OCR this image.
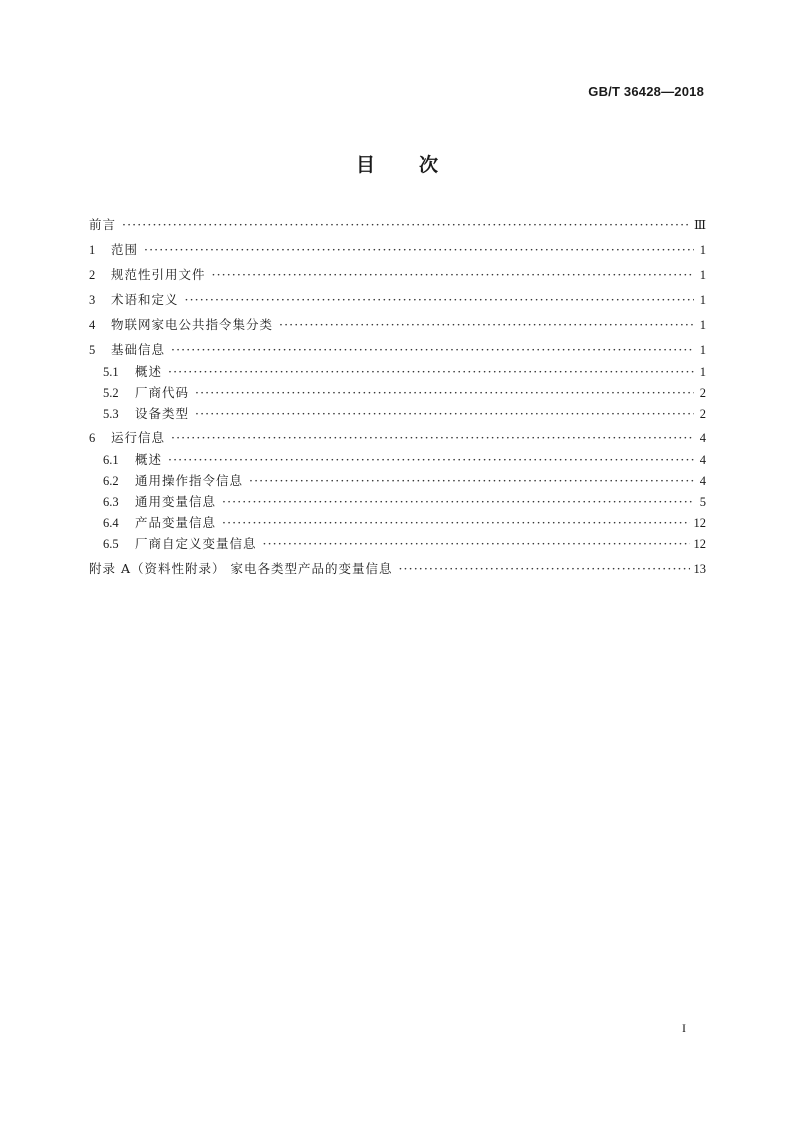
GB/T 36428—2018
目 次
前言 ·····	Ⅲ
1	范围 ·····	1
2	规范性引用文件 ·····	1
3	术语和定义 ·····	1
4	物联网家电公共指令集分类 ·····	1
5	基础信息 ·····	1
5.1	概述 ·····	1
5.2	厂商代码 ·····	2
5.3	设备类型 ·····	2
6	运行信息 ·····	4
6.1	概述 ·····	4
6.2	通用操作指令信息 ·····	4
6.3	通用变量信息 ·····	5
6.4	产品变量信息 ·····	12
6.5	厂商自定义变量信息 ·····	12
附录 A（资料性附录） 家电各类型产品的变量信息 ·····	13
I
